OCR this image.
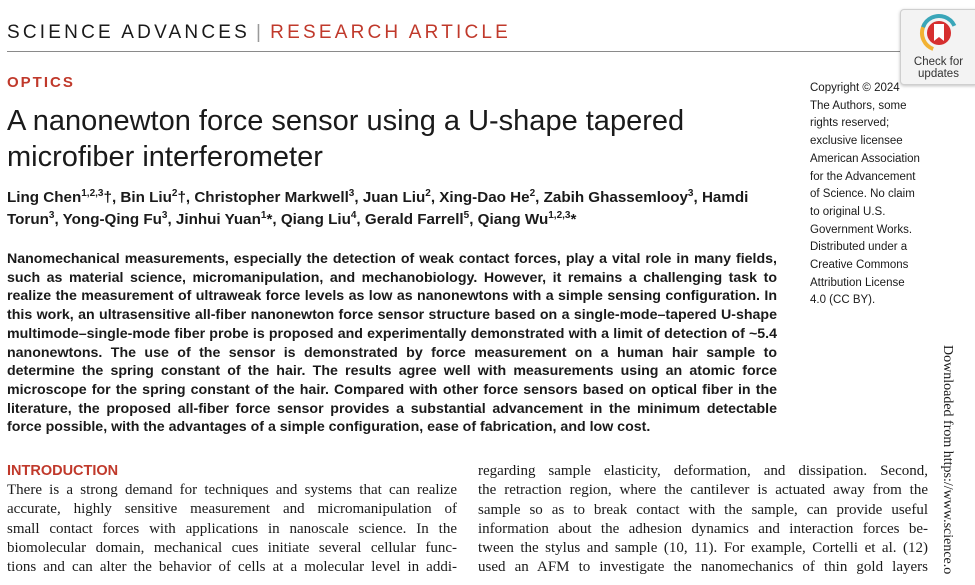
SCIENCE ADVANCES | RESEARCH ARTICLE
Check for
updates
OPTICS
A nanonewton force sensor using a U-shape tapered microfiber interferometer
Ling Chen$^{1,2,3}$†, Bin Liu$^2$†, Christopher Markwell$^3$, Juan Liu$^2$, Xing-Dao He$^2$, Zabih Ghassemlooy$^3$, Hamdi Torun$^3$, Yong-Qing Fu$^3$, Jinhui Yuan$^1$*, Qiang Liu$^4$, Gerald Farrell$^5$, Qiang Wu$^{1,2,3}$*

Nanomechanical measurements, especially the detection of weak contact forces, play a vital role in many fields, such as material science, micromanipulation, and mechanobiology. However, it remains a challenging task to realize the measurement of ultraweak force levels as low as nanonewtons with a simple sensing configuration. In this work, an ultrasensitive all-fiber nanonewton force sensor structure based on a single-mode–tapered U-shape multimode–single-mode fiber probe is proposed and experimentally demonstrated with a limit of detection of ~5.4 nanonewtons. The use of the sensor is demonstrated by force measurement on a human hair sample to determine the spring constant of the hair. The results agree well with measurements using an atomic force microscope for the spring constant of the hair. Compared with other force sensors based on optical fiber in the literature, the proposed all-fiber force sensor provides a substantial advancement in the minimum detectable force possible, with the advantages of a simple configuration, ease of fabrication, and low cost.

Copyright © 2024 The Authors, some rights reserved; exclusive licensee American Association for the Advancement of Science. No claim to original U.S. Government Works. Distributed under a Creative Commons Attribution License 4.0 (CC BY).

Downloaded from https://www.science.o
INTRODUCTION

There is a strong demand for techniques and systems that can realize
accurate, highly sensitive measurement and micromanipulation of
small contact forces with applications in nanoscale science. In the
biomolecular domain, mechanical cues initiate several cellular func-
tions and can alter the behavior of cells at a molecular level in addi-

regarding sample elasticity, deformation, and dissipation. Second,
the retraction region, where the cantilever is actuated away from the
sample so as to break contact with the sample, can provide useful
information about the adhesion dynamics and interaction forces be-
tween the stylus and sample (10, 11). For example, Cortelli et al. (12)
used an AFM to investigate the nanomechanics of thin gold layers
